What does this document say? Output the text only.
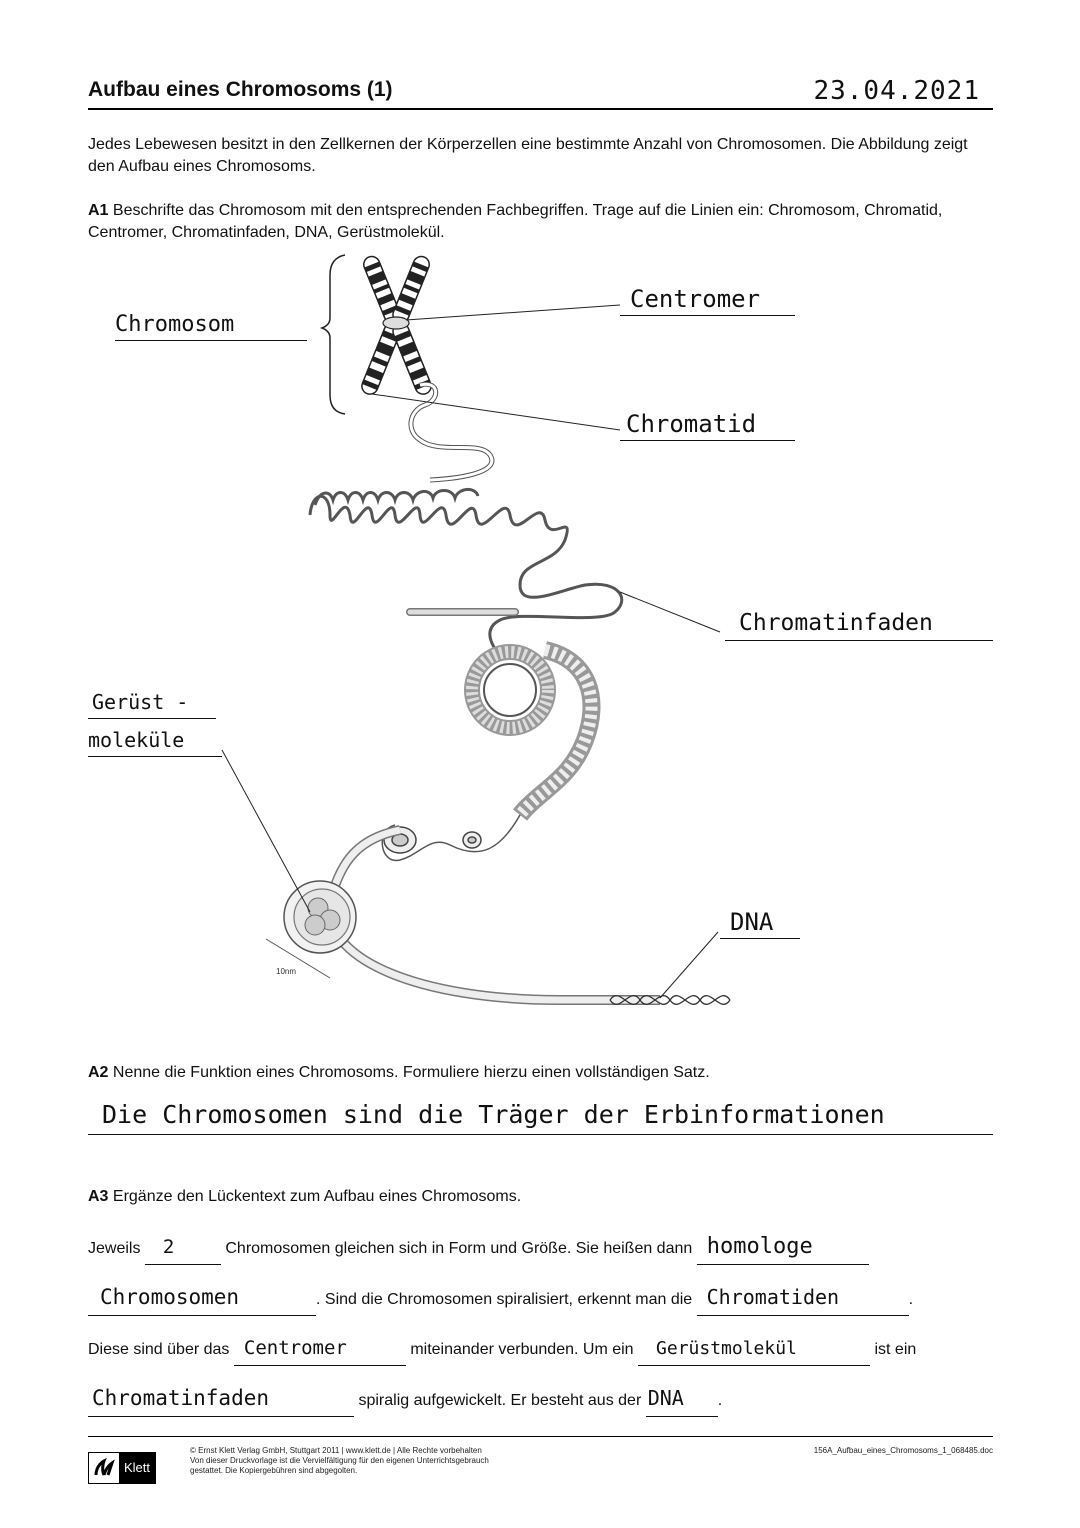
Aufbau eines Chromosoms (1)	23.04.2021
Jedes Lebewesen besitzt in den Zellkernen der Körperzellen eine bestimmte Anzahl von Chromosomen. Die Abbildung zeigt den Aufbau eines Chromosoms.
A1 Beschrifte das Chromosom mit den entsprechenden Fachbegriffen. Trage auf die Linien ein: Chromosom, Chromatid, Centromer, Chromatinfaden, DNA, Gerüstmolekül.
10nm
Chromosom
Centromer
Chromatid
Chromatinfaden
Gerüst -
moleküle
DNA
A2 Nenne die Funktion eines Chromosoms. Formuliere hierzu einen vollständigen Satz.
Die Chromosomen sind die Träger der Erbinformationen
A3 Ergänze den Lückentext zum Aufbau eines Chromosoms.
Jeweils 2	Chromosomen gleichen sich in Form und Größe. Sie heißen dann homologe
Chromosomen	. Sind die Chromosomen spiralisiert, erkennt man die Chromatiden	.
Diese sind über das Centromer	miteinander verbunden. Um ein Gerüstmolekül	ist ein
Chromatinfaden	spiralig aufgewickelt. Er besteht aus der DNA .
Klett
© Ernst Klett Verlag GmbH, Stuttgart 2011 | www.klett.de | Alle Rechte vorbehalten
Von dieser Druckvorlage ist die Vervielfältigung für den eigenen Unterrichtsgebrauch
gestattet. Die Kopiergebühren sind abgegolten.
156A_Aufbau_eines_Chromosoms_1_068485.doc
